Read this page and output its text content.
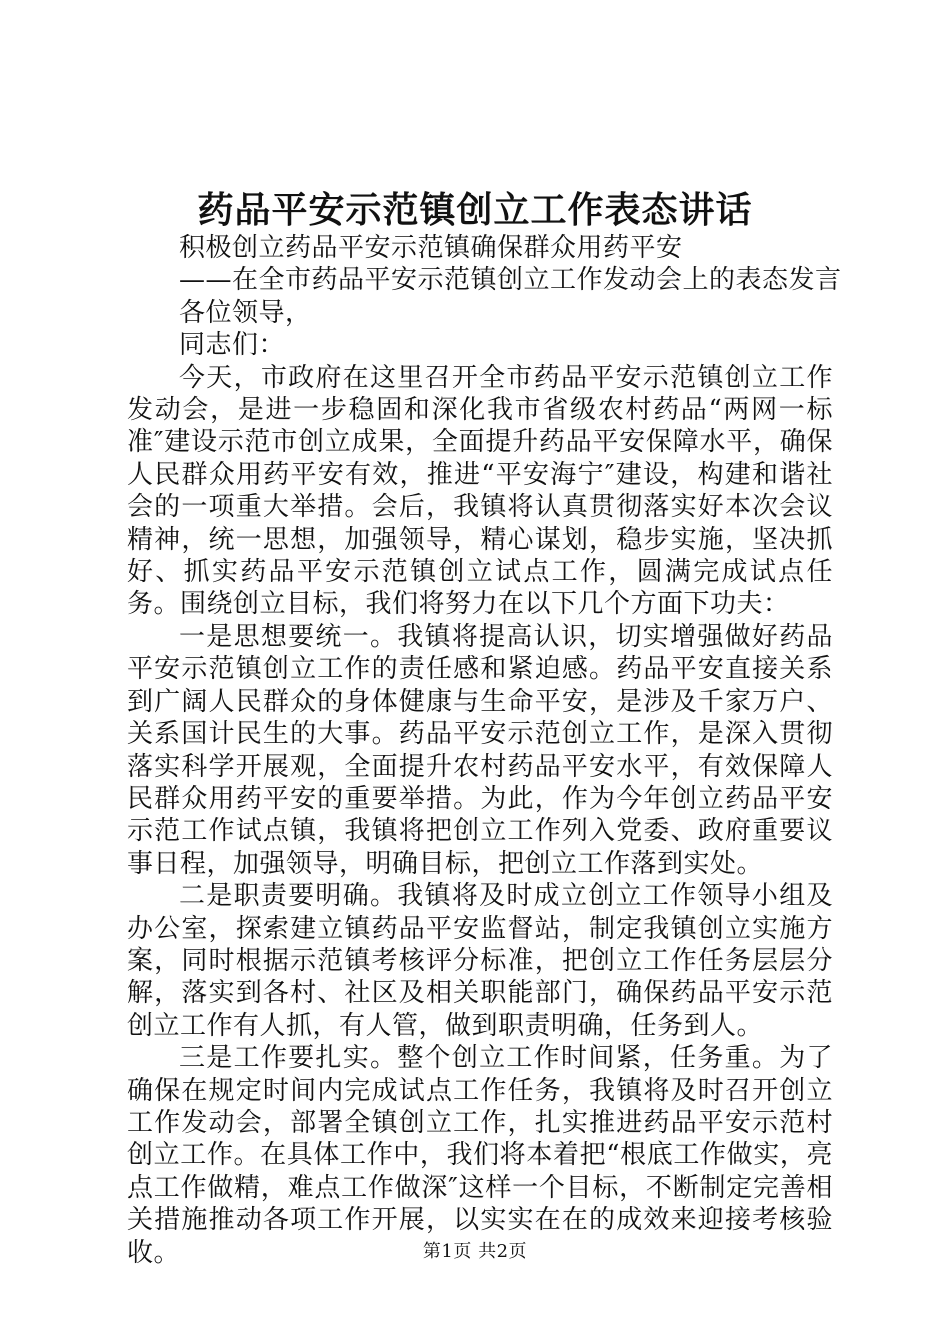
药品平安示范镇创立工作表态讲话

积极创立药品平安示范镇确保群众用药平安

——在全市药品平安示范镇创立工作发动会上的表态发言

各位领导，

同志们：

今天，市政府在这里召开全市药品平安示范镇创立工作发动会，是进一步稳固和深化我市省级农村药品“两网一标准″建设示范市创立成果，全面提升药品平安保障水平，确保人民群众用药平安有效，推进“平安海宁″建设，构建和谐社会的一项重大举措。会后，我镇将认真贯彻落实好本次会议精神，统一思想，加强领导，精心谋划，稳步实施，坚决抓好、抓实药品平安示范镇创立试点工作，圆满完成试点任务。围绕创立目标，我们将努力在以下几个方面下功夫：

一是思想要统一。我镇将提高认识，切实增强做好药品平安示范镇创立工作的责任感和紧迫感。药品平安直接关系到广阔人民群众的身体健康与生命平安，是涉及千家万户、关系国计民生的大事。药品平安示范创立工作，是深入贯彻落实科学开展观，全面提升农村药品平安水平，有效保障人民群众用药平安的重要举措。为此，作为今年创立药品平安示范工作试点镇，我镇将把创立工作列入党委、政府重要议事日程，加强领导，明确目标，把创立工作落到实处。

二是职责要明确。我镇将及时成立创立工作领导小组及办公室，探索建立镇药品平安监督站，制定我镇创立实施方案，同时根据示范镇考核评分标准，把创立工作任务层层分解，落实到各村、社区及相关职能部门，确保药品平安示范创立工作有人抓，有人管，做到职责明确，任务到人。

三是工作要扎实。整个创立工作时间紧，任务重。为了确保在规定时间内完成试点工作任务，我镇将及时召开创立工作发动会，部署全镇创立工作，扎实推进药品平安示范村创立工作。在具体工作中，我们将本着把“根底工作做实，亮点工作做精，难点工作做深″这样一个目标，不断制定完善相关措施推动各项工作开展，以实实在在的成效来迎接考核验收。	第1页 共2页
